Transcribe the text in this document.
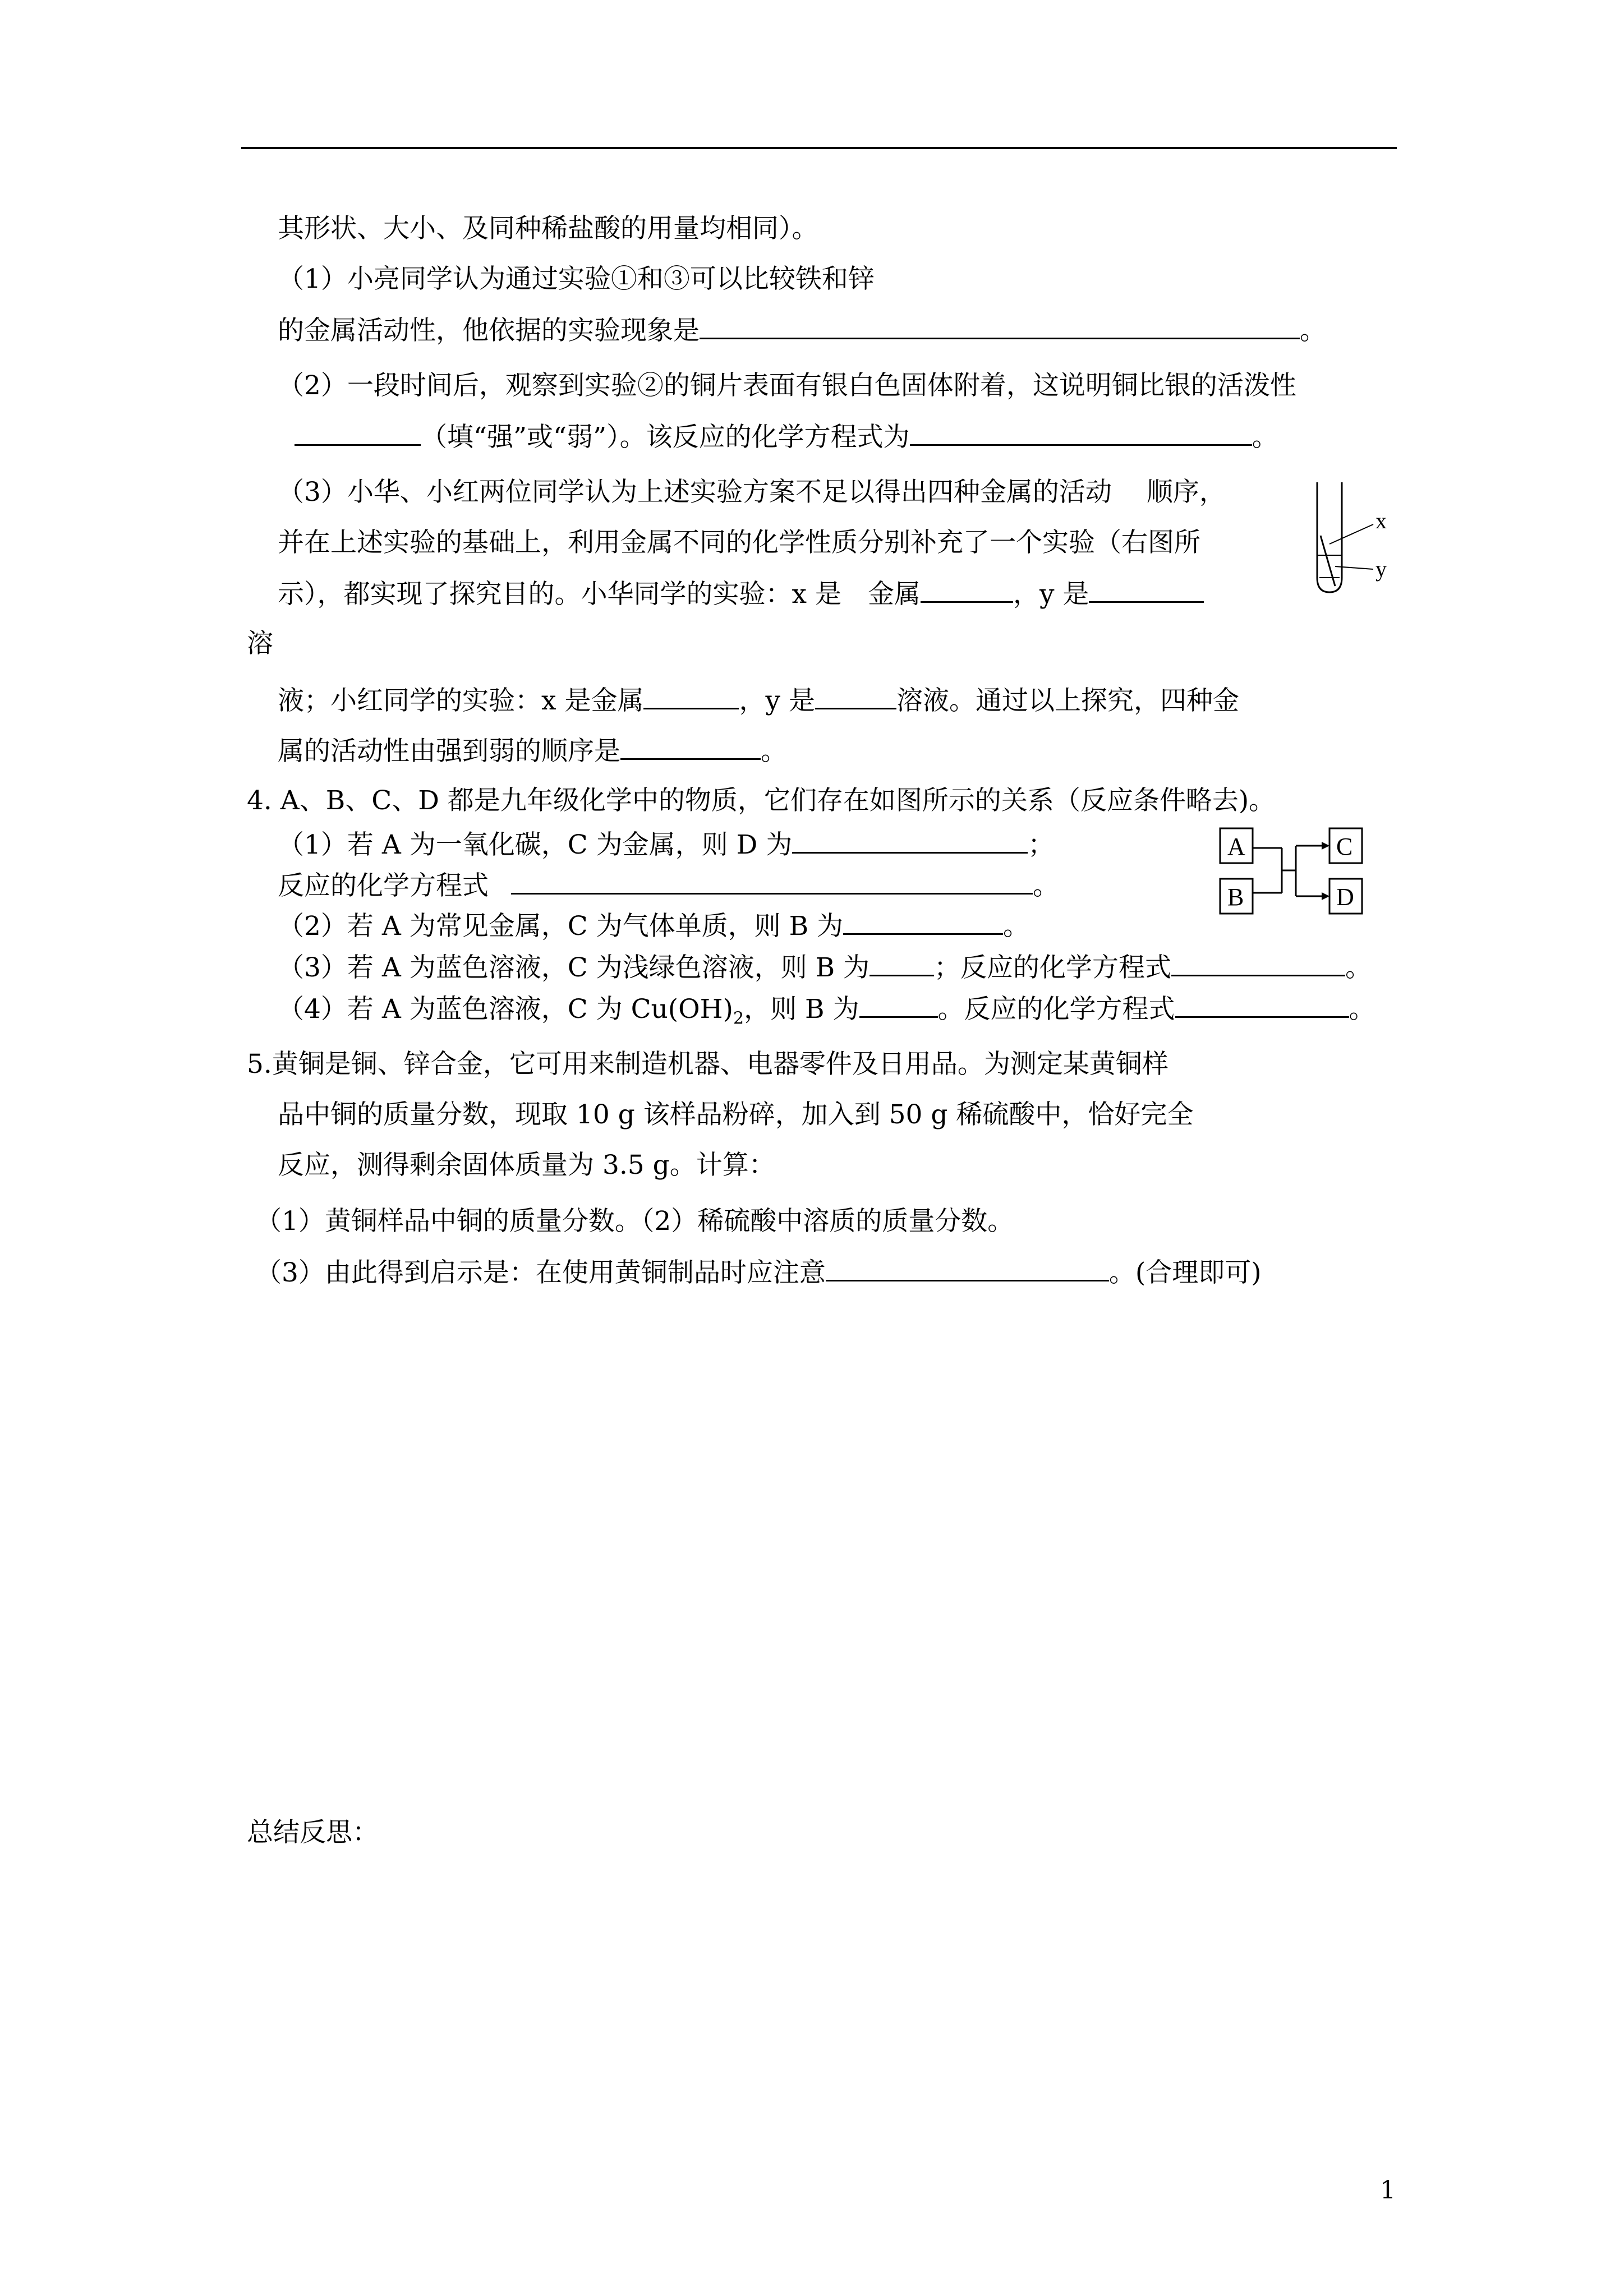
其形状、大小、及同种稀盐酸的用量均相同）。
（1）小亮同学认为通过实验①和③可以比较铁和锌
的金属活动性，他依据的实验现象是	。
（2）一段时间后，观察到实验②的铜片表面有银白色固体附着，这说明铜比银的活泼性
（填“强”或“弱”）。该反应的化学方程式为	。
（3）小华、小红两位同学认为上述实验方案不足以得出四种金属的活动　 顺序，
并在上述实验的基础上，利用金属不同的化学性质分别补充了一个实验（右图所
示），都实现了探究目的。小华同学的实验：x 是　金属	，y 是
溶
液；小红同学的实验：x 是金属	，y 是	溶液。通过以上探究，四种金
属的活动性由强到弱的顺序是	。
x
y
4. A、B、C、D 都是九年级化学中的物质，它们存在如图所示的关系（反应条件略去)。
（1）若 A 为一氧化碳，C 为金属，则 D 为	；
反应的化学方程式	。
（2）若 A 为常见金属，C 为气体单质，则 B 为	。
（3）若 A 为蓝色溶液，C 为浅绿色溶液，则 B 为 ；反应的化学方程式	。
（4）若 A 为蓝色溶液，C 为 $Cu(OH)_2$，则 B 为	。反应的化学方程式	。
A
B
C
D
5.黄铜是铜、锌合金，它可用来制造机器、电器零件及日用品。为测定某黄铜样
品中铜的质量分数，现取 10 g 该样品粉碎，加入到 50 g 稀硫酸中，恰好完全
反应，测得剩余固体质量为 3.5 g。计算：
（1）黄铜样品中铜的质量分数。（2）稀硫酸中溶质的质量分数。
（3）由此得到启示是：在使用黄铜制品时应注意	。(合理即可)
总结反思：
1
